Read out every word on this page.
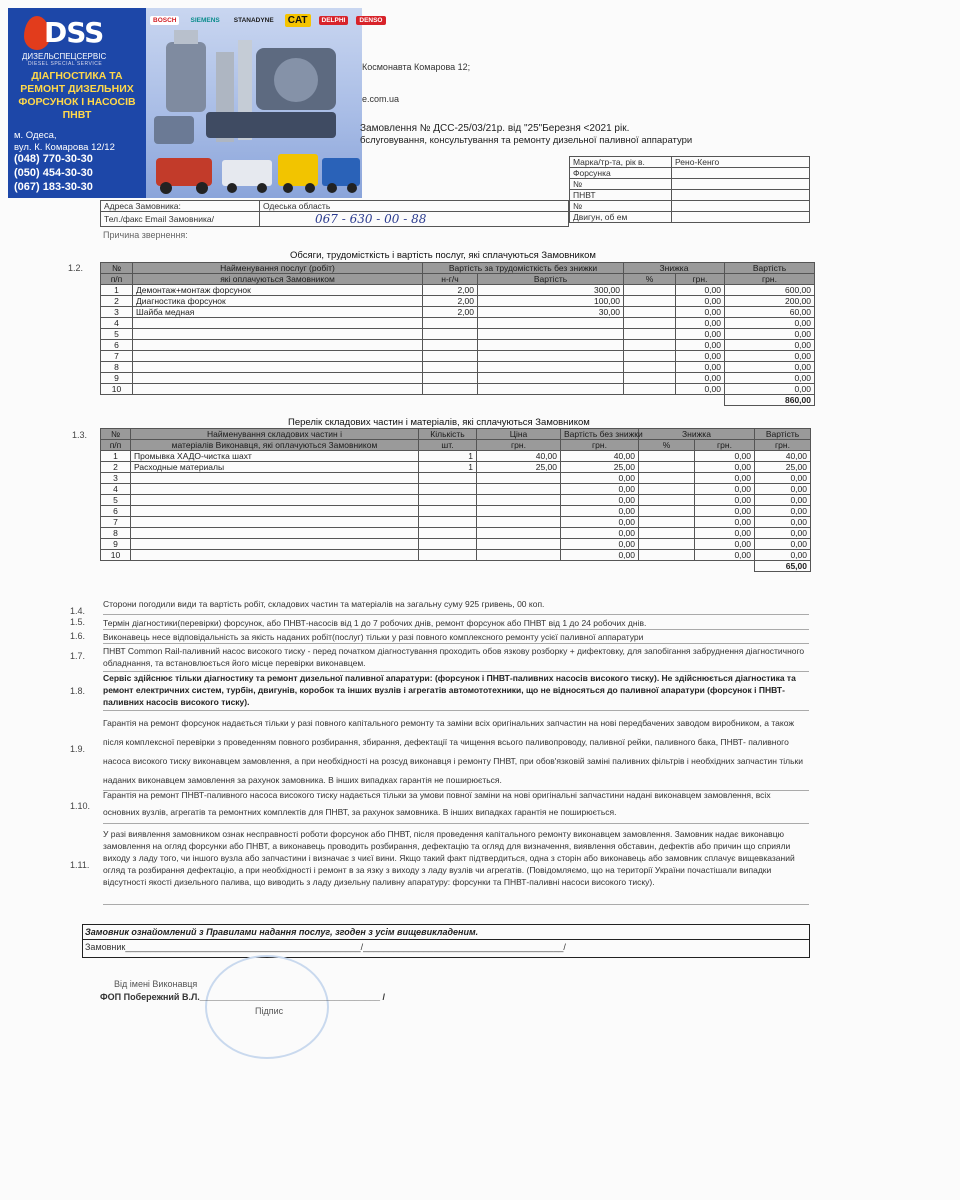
DSS
ДИЗЕЛЬСПЕЦСЕРВІС
DIESEL SPECIAL SERVICE
ДІАГНОСТИКА ТА РЕМОНТ ДИЗЕЛЬНИХ ФОРСУНОК І НАСОСІВ ПНВТ
м. Одеса,
вул. К. Комарова 12/12
(048) 770-30-30
(050) 454-30-30
(067) 183-30-30
BOSCH	SIEMENS	STANADYNE	CAT	DELPHI	DENSO
Космонавта Комарова 12;
e.com.ua
Замовлення № ДСС-25/03/21р. від "25"Березня <2021 рік.
бслуговування, консультування та ремонту дизельної паливної аппаратури
Марка/тр-та, рік в.	Рено-Кенго
Форсунка	
№	
ПНВТ	
№	
Двигун, об ем	
Адреса Замовника:	Одеська область
Тел./факс Email Замовника/	067 - 630 - 00 - 88
Причина звернення:
Обсяги, трудомісткість і вартість послуг, які сплачуються Замовником
1.2.	№	Найменування послуг (робіт)	Вартість за трудомісткість без знижки		Знижка		Вартість
п/п	які оплачуються Замовником	н-г/ч	Вартість	%	грн.	грн.
1	Демонтаж+монтаж форсунок	2,00	300,00		0,00	600,00
2	Диагностика форсунок	2,00	100,00		0,00	200,00
3	Шайба медная	2,00	30,00		0,00	60,00
4					0,00	0,00
5					0,00	0,00
6					0,00	0,00
7					0,00	0,00
8					0,00	0,00
9					0,00	0,00
10					0,00	0,00
						860,00
Перелік складових частин і матеріалів, які сплачуються Замовником
1.3.	№	Найменування складових частин і	Кількість	Ціна	Вартість без знижки	Знижка		Вартість
п/п	матеріалів Виконавця, які оплачуються Замовником	шт.	грн.	грн.	%	грн.	грн.
1	Промывка ХАДО-чистка шахт	1	40,00	40,00		0,00	40,00
2	Расходные материалы	1	25,00	25,00		0,00	25,00
3				0,00		0,00	0,00
4				0,00		0,00	0,00
5				0,00		0,00	0,00
6				0,00		0,00	0,00
7				0,00		0,00	0,00
8				0,00		0,00	0,00
9				0,00		0,00	0,00
10				0,00		0,00	0,00
							65,00
1.4.
Сторони погодили види та вартість робіт, складових частин та матеріалів на загальну суму 925 гривень, 00 коп.
1.5. Термін діагностики(перевірки) форсунок, або ПНВТ-насосів від 1 до 7 робочих днів, ремонт форсунок або ПНВТ від 1 до 24 робочих днів.
1.6. Виконавець несе відповідальність за якість наданих робіт(послуг) тільки у разі повного комплексного ремонту усієї паливної аппаратури
1.7. ПНВТ Common Rail-паливний насос високого тиску - перед початком діагностування проходить обов язкову розборку + дифектовку, для запобігання забруднення діагностичного обладнання, та встановлюється його місце перевірки виконавцем.
1.8.
Сервіс здійснює тільки діагностику та ремонт дизельної паливної апаратури: (форсунок і ПНВТ-паливних насосів високого тиску). Не здійснюється діагностика та ремонт електричних систем, турбін, двигунів, коробок та інших вузлів і агрегатів автомототехники, що не відносяться до паливної апаратури (форсунок і ПНВТ-паливних насосів високого тиску).
1.9.
Гарантія на ремонт форсунок надається тільки у разі повного капітального ремонту та заміни всіх оригінальних запчастин на нові передбачених заводом виробником, а також після комплексної перевірки з проведенням повного розбирання, збирання, дефектації та чищення всього паливопроводу, паливної рейки, паливного бака, ПНВТ- паливного насоса високого тиску виконавцем замовлення, а при необхідності на розсуд виконавця і ремонту ПНВТ, при обов'язковій заміні паливних фільтрів і необхідних запчастин тільки наданих виконавцем замовлення за рахунок замовника. В інших випадках гарантія не поширюється.
1.10.
Гарантія на ремонт ПНВТ-паливного насоса високого тиску надається тільки за умови повної заміни на нові оригінальні запчастини надані виконавцем замовлення, всіх основних вузлів, агрегатів та ремонтних комплектів для ПНВТ, за рахунок замовника. В інших випадках гарантія не поширюється.
1.11.
У разі виявлення замовником ознак несправності роботи форсунок або ПНВТ, після проведення капітального ремонту виконавцем замовлення. Замовник надає виконавцю замовлення на огляд форсунки або ПНВТ, а виконавець проводить розбирання, дефектацію та огляд для визначення, виявлення обставин, дефектів або причин що сприяли виходу з ладу того, чи іншого вузла або запчастини і визначає з чиєї вини. Якщо такий факт підтвердиться, одна з сторін або виконавець або замовник сплачує вищевказаний огляд та розбирання дефектацію, а при необхідності і ремонт в за язку з виходу з ладу вузлів чи агрегатів. (Повідомляємо, що на території України почастішали випадки відсутності якості дизельного палива, що виводить з ладу дизельну паливну апаратуру: форсунки та ПНВТ-паливні насоси високого тиску).
Замовник ознайомлений з Правилами надання послуг, згоден з усім вищевикладеним.
Замовник_______________________________________________/________________________________________/
Від імені Виконавця
ФОП Побережний В.Л.____________________________________ /
Підпис
